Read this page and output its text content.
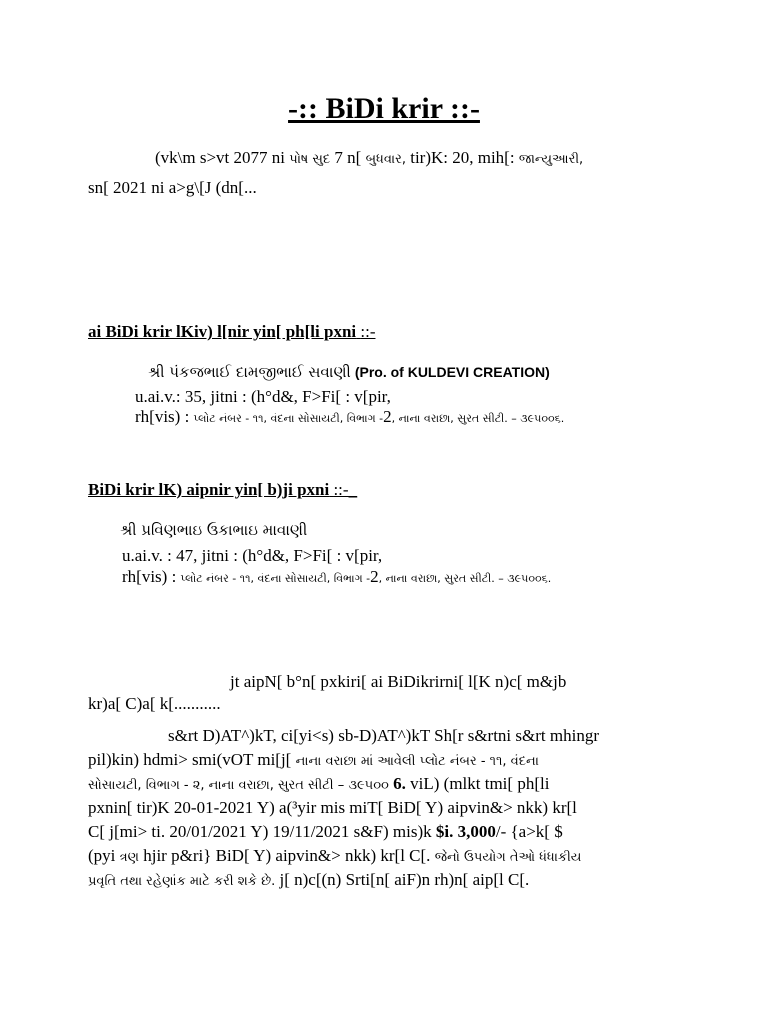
-:: BiDi krir ::-
(vk\m s>vt 2077 ni પોષ સુદ 7 n[ બુધવાર, tir)K: 20, mih[: જાન્યુઆરી,
sn[ 2021 ni a>g\[J (dn[...
ai BiDi krir lKiv) l[nir yin[ ph[li pxni ::-
શ્રી પંકજભાઈ દામજીભાઈ સવાણી (Pro. of KULDEVI CREATION)
u.ai.v.: 35, jitni : (h°d&, F>Fi[ : v[pir,
rh[vis) : પ્લોટ નંબર - ૧૧, વંદના સોસાયટી, વિભાગ -2, નાના વરાછા, સુરત સીટી. – ૩૯૫૦૦૬.
BiDi krir lK) aipnir yin[ b)ji pxni ::-_
શ્રી પ્રવિણભાઇ ઉકાભાઇ માવાણી
u.ai.v. : 47, jitni : (h°d&, F>Fi[ : v[pir,
rh[vis) : પ્લોટ નંબર - ૧૧, વંદના સોસાયટી, વિભાગ -2, નાના વરાછા, સુરત સીટી. – ૩૯૫૦૦૬.
jt aipN[ b°n[ pxkiri[ ai BiDikrirni[ l[K n)c[ m&jb
kr)a[ C)a[ k[...........
s&rt D)AT^)kT, ci[yi<s) sb-D)AT^)kT Sh[r s&rtni s&rt mhingr
pil)kin) hdmi> smi(vOT mi[j[ નાના વરાછા માં આવેલી પ્લોટ નંબર - ૧૧, વંદના
સોસાયટી, વિભાગ - ૨, નાના વરાછા, સુરત સીટી – ૩૯૫૦૦ 6. viL) (mlkt tmi[ ph[li
pxnin[ tir)K 20-01-2021 Y) a(³yir mis miT[ BiD[ Y) aipvin&> nkk) kr[l
C[ j[mi> ti. 20/01/2021 Y) 19/11/2021 s&F) mis)k $i. 3,000/- {a>k[ $
(pyi ત્રણ hjir p&ri} BiD[ Y) aipvin&> nkk) kr[l C[. જેનો ઉપયોગ તેઓ ધંધાકીય
પ્રવૃતિ તથા રહેણાંક માટે કરી શકે છે. j[ n)c[(n) Srti[n[ aiF)n rh)n[ aip[l C[.
